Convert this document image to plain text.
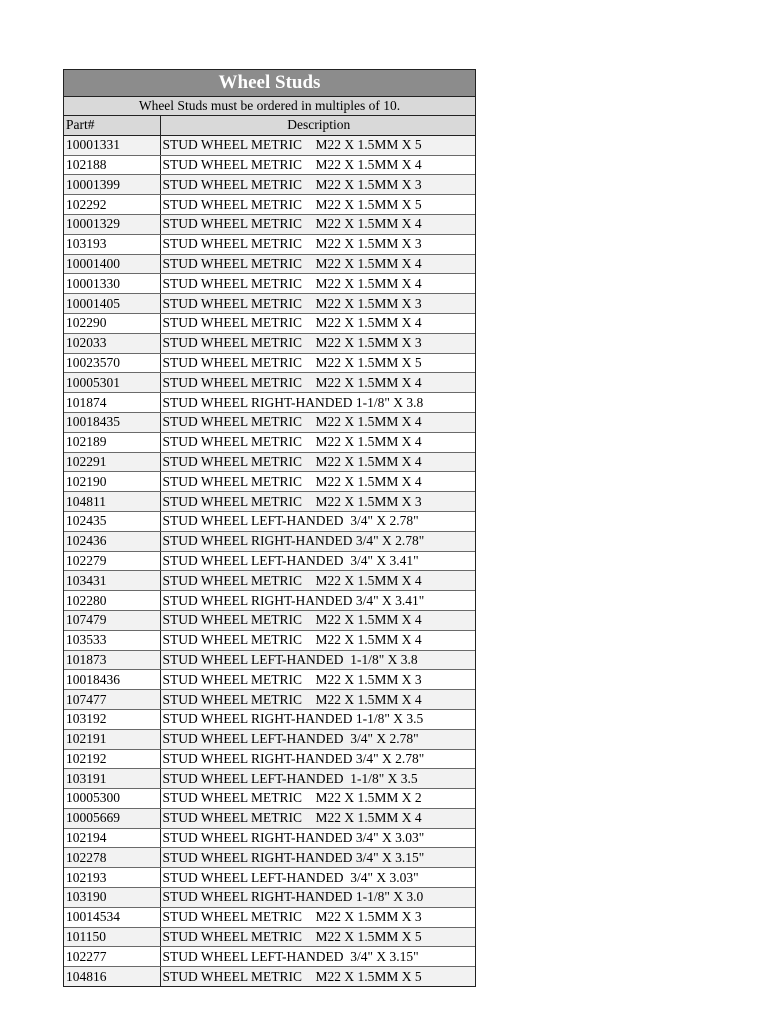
Wheel Studs
Wheel Studs must be ordered in multiples of 10.
Part#	Description
10001331	STUD WHEEL METRIC    M22 X 1.5MM X 5
102188	STUD WHEEL METRIC    M22 X 1.5MM X 4
10001399	STUD WHEEL METRIC    M22 X 1.5MM X 3
102292	STUD WHEEL METRIC    M22 X 1.5MM X 5
10001329	STUD WHEEL METRIC    M22 X 1.5MM X 4
103193	STUD WHEEL METRIC    M22 X 1.5MM X 3
10001400	STUD WHEEL METRIC    M22 X 1.5MM X 4
10001330	STUD WHEEL METRIC    M22 X 1.5MM X 4
10001405	STUD WHEEL METRIC    M22 X 1.5MM X 3
102290	STUD WHEEL METRIC    M22 X 1.5MM X 4
102033	STUD WHEEL METRIC    M22 X 1.5MM X 3
10023570	STUD WHEEL METRIC    M22 X 1.5MM X 5
10005301	STUD WHEEL METRIC    M22 X 1.5MM X 4
101874	STUD WHEEL RIGHT-HANDED 1-1/8" X 3.8
10018435	STUD WHEEL METRIC    M22 X 1.5MM X 4
102189	STUD WHEEL METRIC    M22 X 1.5MM X 4
102291	STUD WHEEL METRIC    M22 X 1.5MM X 4
102190	STUD WHEEL METRIC    M22 X 1.5MM X 4
104811	STUD WHEEL METRIC    M22 X 1.5MM X 3
102435	STUD WHEEL LEFT-HANDED  3/4" X 2.78"
102436	STUD WHEEL RIGHT-HANDED 3/4" X 2.78"
102279	STUD WHEEL LEFT-HANDED  3/4" X 3.41"
103431	STUD WHEEL METRIC    M22 X 1.5MM X 4
102280	STUD WHEEL RIGHT-HANDED 3/4" X 3.41"
107479	STUD WHEEL METRIC    M22 X 1.5MM X 4
103533	STUD WHEEL METRIC    M22 X 1.5MM X 4
101873	STUD WHEEL LEFT-HANDED  1-1/8" X 3.8
10018436	STUD WHEEL METRIC    M22 X 1.5MM X 3
107477	STUD WHEEL METRIC    M22 X 1.5MM X 4
103192	STUD WHEEL RIGHT-HANDED 1-1/8" X 3.5
102191	STUD WHEEL LEFT-HANDED  3/4" X 2.78"
102192	STUD WHEEL RIGHT-HANDED 3/4" X 2.78"
103191	STUD WHEEL LEFT-HANDED  1-1/8" X 3.5
10005300	STUD WHEEL METRIC    M22 X 1.5MM X 2
10005669	STUD WHEEL METRIC    M22 X 1.5MM X 4
102194	STUD WHEEL RIGHT-HANDED 3/4" X 3.03"
102278	STUD WHEEL RIGHT-HANDED 3/4" X 3.15"
102193	STUD WHEEL LEFT-HANDED  3/4" X 3.03"
103190	STUD WHEEL RIGHT-HANDED 1-1/8" X 3.0
10014534	STUD WHEEL METRIC    M22 X 1.5MM X 3
101150	STUD WHEEL METRIC    M22 X 1.5MM X 5
102277	STUD WHEEL LEFT-HANDED  3/4" X 3.15"
104816	STUD WHEEL METRIC    M22 X 1.5MM X 5
